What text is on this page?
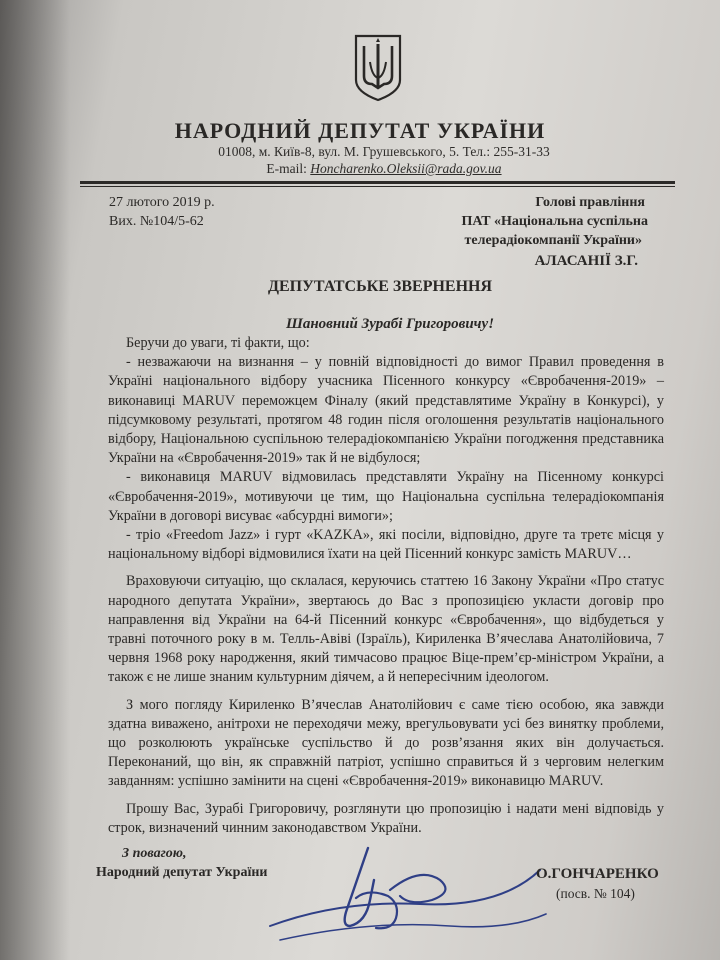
НАРОДНИЙ ДЕПУТАТ УКРАЇНИ
01008, м. Київ-8, вул. М. Грушевського, 5. Тел.: 255-31-33
E-mail: Honcharenko.Oleksii@rada.gov.ua
27 лютого 2019 р.
Вих. №104/5-62
Голові правління
ПАТ «Національна суспільна
телерадіокомпанії України»
АЛАСАНІЇ З.Г.
ДЕПУТАТСЬКЕ ЗВЕРНЕННЯ
Шановний Зурабі Григоровичу!

Беручи до уваги, ті факти, що:

- незважаючи на визнання – у повній відповідності до вимог Правил проведення в Україні національного відбору учасника Пісенного конкурсу «Євробачення-2019» – виконавиці MARUV переможцем Фіналу (який представлятиме Україну в Конкурсі), у підсумковому результаті, протягом 48 годин після оголошення результатів національного відбору, Національною суспільною телерадіокомпанією України погодження представника України на «Євробачення-2019» так й не відбулося;

- виконавиця MARUV відмовилась представляти Україну на Пісенному конкурсі «Євробачення-2019», мотивуючи це тим, що Національна суспільна телерадіокомпанія України в договорі висуває «абсурдні вимоги»;

- тріо «Freedom Jazz» і гурт «KAZKA», які посіли, відповідно, друге та третє місця у національному відборі відмовилися їхати на цей Пісенний конкурс замість MARUV…

Враховуючи ситуацію, що склалася, керуючись статтею 16 Закону України «Про статус народного депутата України», звертаюсь до Вас з пропозицією укласти договір про направлення від України на 64-й Пісенний конкурс «Євробачення», що відбудеться у травні поточного року в м. Телль-Авіві (Ізраїль), Кириленка В’ячеслава Анатолійовича, 7 червня 1968 року народження, який тимчасово працює Віце-прем’єр-міністром України, а також є не лише знаним культурним діячем, а й непересічним ідеологом.

З мого погляду Кириленко В’ячеслав Анатолійович є саме тією особою, яка завжди здатна виважено, анітрохи не переходячи межу, врегульовувати усі без винятку проблеми, що розколюють українське суспільство й до розв’язання яких він долучається. Переконаний, що він, як справжній патріот, успішно справиться й з черговим нелегким завданням: успішно замінити на сцені «Євробачення-2019» виконавицю MARUV.

Прошу Вас, Зурабі Григоровичу, розглянути цю пропозицію і надати мені відповідь у строк, визначений чинним законодавством України.

З повагою,
Народний депутат України	О.ГОНЧАРЕНКО
(посв. № 104)
